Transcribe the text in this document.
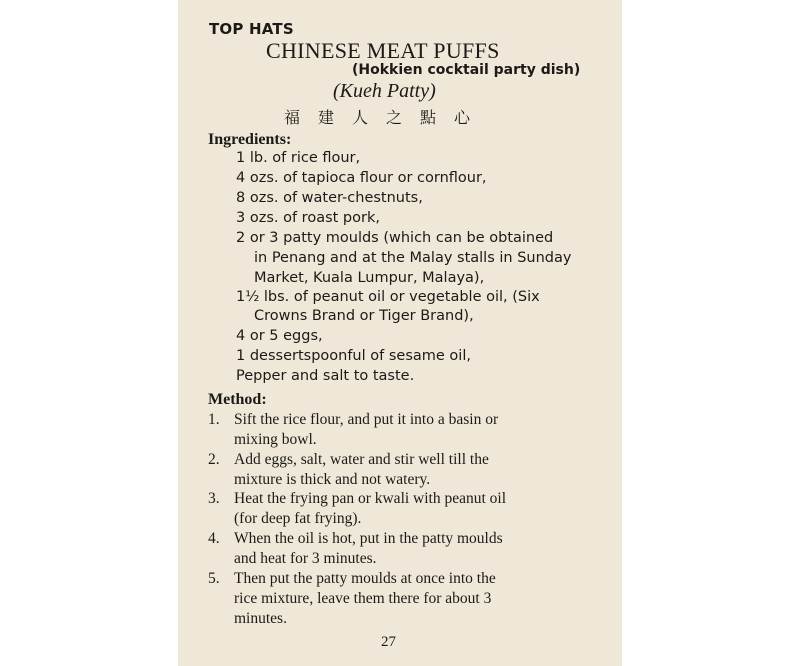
TOP HATS

CHINESE MEAT PUFFS

(Hokkien cocktail party dish)

(Kueh Patty)

福建人之點心

Ingredients:

1 lb. of rice flour,

4 ozs. of tapioca flour or cornflour,

8 ozs. of water-chestnuts,

3 ozs. of roast pork,

2 or 3 patty moulds (which can be obtained

in Penang and at the Malay stalls in Sunday

Market, Kuala Lumpur, Malaya),

1½ lbs. of peanut oil or vegetable oil, (Six

Crowns Brand or Tiger Brand),

4 or 5 eggs,

1 dessertspoonful of sesame oil,

Pepper and salt to taste.

Method:

1. Sift the rice flour, and put it into a basin or

mixing bowl.

2. Add eggs, salt, water and stir well till the

mixture is thick and not watery.

3. Heat the frying pan or kwali with peanut oil

(for deep fat frying).

4. When the oil is hot, put in the patty moulds

and heat for 3 minutes.

5. Then put the patty moulds at once into the

rice mixture, leave them there for about 3

minutes.

27
